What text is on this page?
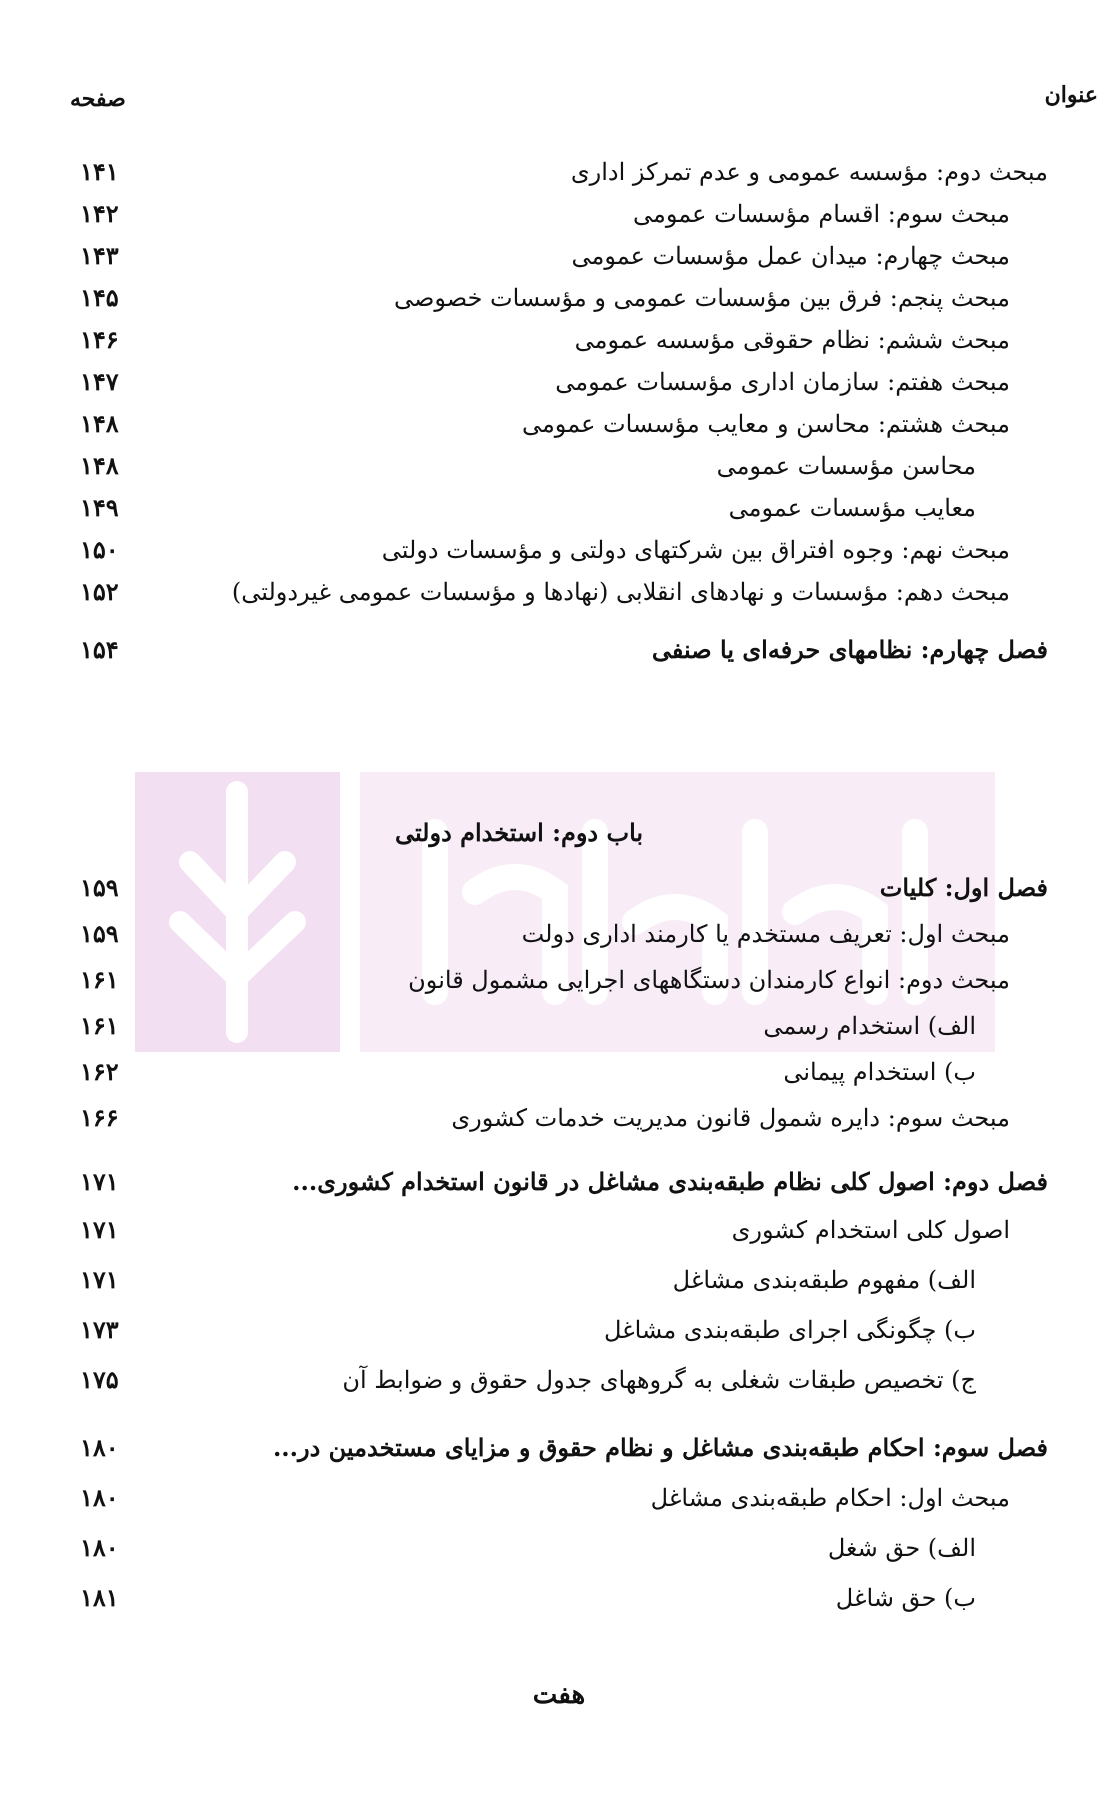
عنوان
صفحه
مبحث دوم: مؤسسه عمومی و عدم تمرکز اداری
۱۴۱
مبحث سوم: اقسام مؤسسات عمومی
۱۴۲
مبحث چهارم: میدان عمل مؤسسات عمومی
۱۴۳
مبحث پنجم: فرق بین مؤسسات عمومی و مؤسسات خصوصی
۱۴۵
مبحث ششم: نظام حقوقی مؤسسه عمومی
۱۴۶
مبحث هفتم: سازمان اداری مؤسسات عمومی
۱۴۷
مبحث هشتم: محاسن و معایب مؤسسات عمومی
۱۴۸
محاسن مؤسسات عمومی
۱۴۸
معایب مؤسسات عمومی
۱۴۹
مبحث نهم: وجوه افتراق بین شرکتهای دولتی و مؤسسات دولتی
۱۵۰
مبحث دهم: مؤسسات و نهادهای انقلابی (نهادها و مؤسسات عمومی غیردولتی)
۱۵۲
فصل چهارم: نظامهای حرفه‌ای یا صنفی
۱۵۴
باب دوم: استخدام دولتی
فصل اول: کلیات
۱۵۹
مبحث اول: تعریف مستخدم یا کارمند اداری دولت
۱۵۹
مبحث دوم: انواع کارمندان دستگاههای اجرایی مشمول قانون
۱۶۱
الف) استخدام رسمی
۱۶۱
ب) استخدام پیمانی
۱۶۲
مبحث سوم: دایره شمول قانون مدیریت خدمات کشوری
۱۶۶
فصل دوم: اصول کلی نظام طبقه‌بندی مشاغل در قانون استخدام کشوری...
۱۷۱
اصول کلی استخدام کشوری
۱۷۱
الف) مفهوم طبقه‌بندی مشاغل
۱۷۱
ب) چگونگی اجرای طبقه‌بندی مشاغل
۱۷۳
ج) تخصیص طبقات شغلی به گروههای جدول حقوق و ضوابط آن
۱۷۵
فصل سوم: احکام طبقه‌بندی مشاغل و نظام حقوق و مزایای مستخدمین در...
۱۸۰
مبحث اول: احکام طبقه‌بندی مشاغل
۱۸۰
الف) حق شغل
۱۸۰
ب) حق شاغل
۱۸۱
هفت
